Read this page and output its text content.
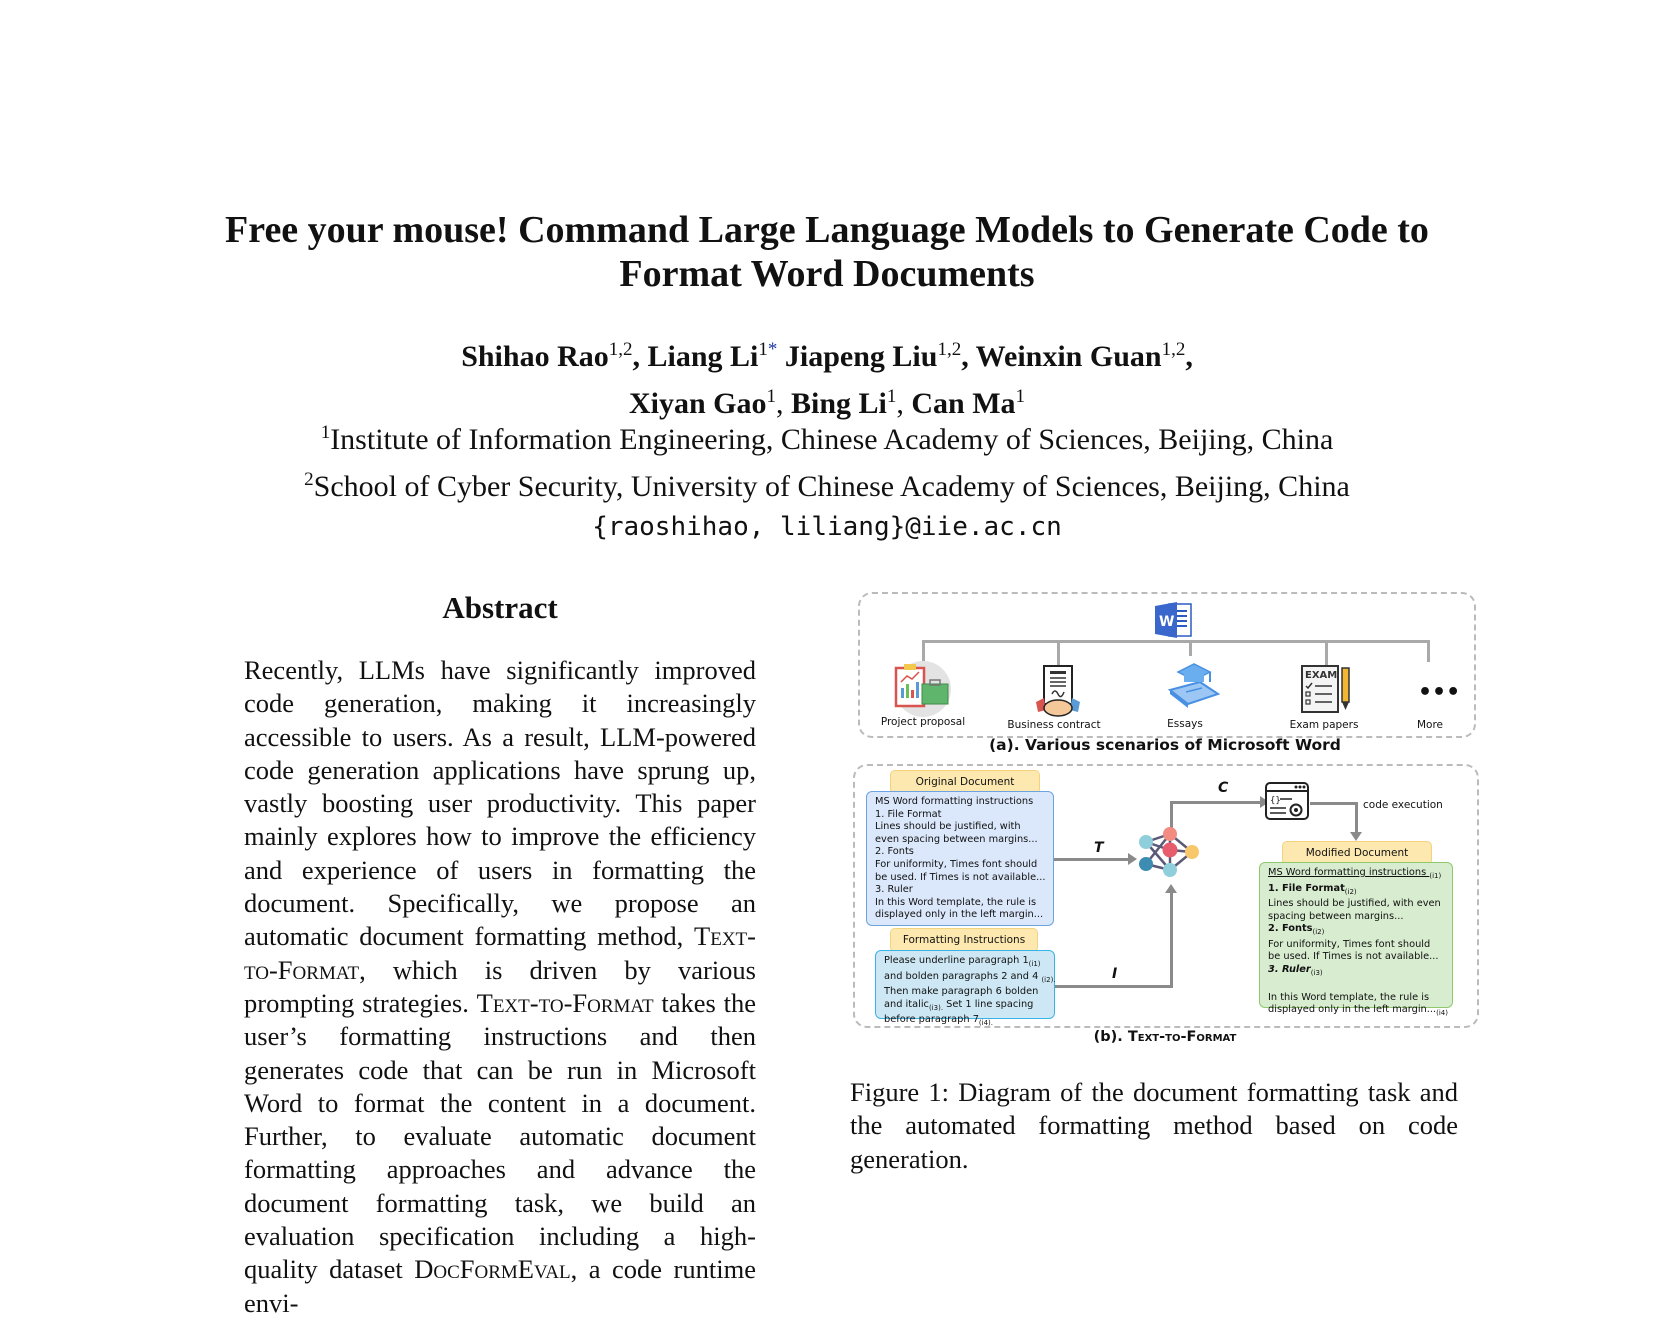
Free your mouse! Command Large Language Models to Generate Code to
Format Word Documents
Shihao Rao$^{1,2}$, Liang $Li^{1*}$ Jiapeng Liu$^{1,2}$, Weinxin Guan$^{1,2}$,
Xiyan Gao$^1$, Bing Li$^1$, Can Ma$^1$
$^1$Institute of Information Engineering, Chinese Academy of Sciences, Beijing, China
$^2$School of Cyber Security, University of Chinese Academy of Sciences, Beijing, China
{raoshihao, liliang}@iie.ac.cn
Abstract

Recently, LLMs have significantly improved code generation, making it increasingly accessible to users. As a result, LLM-powered code generation applications have sprung up, vastly boosting user productivity. This paper mainly explores how to improve the efficiency and experience of users in formatting the document. Specifically, we propose an automatic document formatting method, Text-to-Format, which is driven by various prompting strategies. Text-to-Format takes the user’s formatting instructions and then generates code that can be run in Microsoft Word to format the content in a document. Further, to evaluate automatic document formatting approaches and advance the document formatting task, we build an evaluation specification including a high-quality dataset DocFormEval, a code runtime envi-

W
EXAM
•••
Project proposal	Business contract	Essays	Exam papers	More
(a). Various scenarios of Microsoft Word
Original Document
MS Word formatting instructions
1. File Format
Lines should be justified, with
even spacing between margins...
2. Fonts
For uniformity, Times font should
be used. If Times is not available...
3. Ruler
In this Word template, the rule is
displayed only in the left margin...
Formatting Instructions
Please underline paragraph $1_{(i1)}$
and bolden paragraphs 2 and 4 $_{(i2).}$
Then make paragraph 6 bolden
and italic$_{(i3).}$ Set 1 line spacing
before paragraph $7_{(i4).}$
T
I
C
{}	code execution
Modified Document
MS Word formatting instructions $_{(i1)}$
1. File Format$_{(i2)}$
Lines should be justified, with even
spacing between margins...
2. Fonts$_{(i2)}$
For uniformity, Times font should
be used. If Times is not available...
3. Ruler$_{(i3)}$
In this Word template, the rule is
displayed only in the left $margin..._{(i4)}$
(b). Text-to-Format

Figure 1: Diagram of the document formatting task and the automated formatting method based on code generation.
